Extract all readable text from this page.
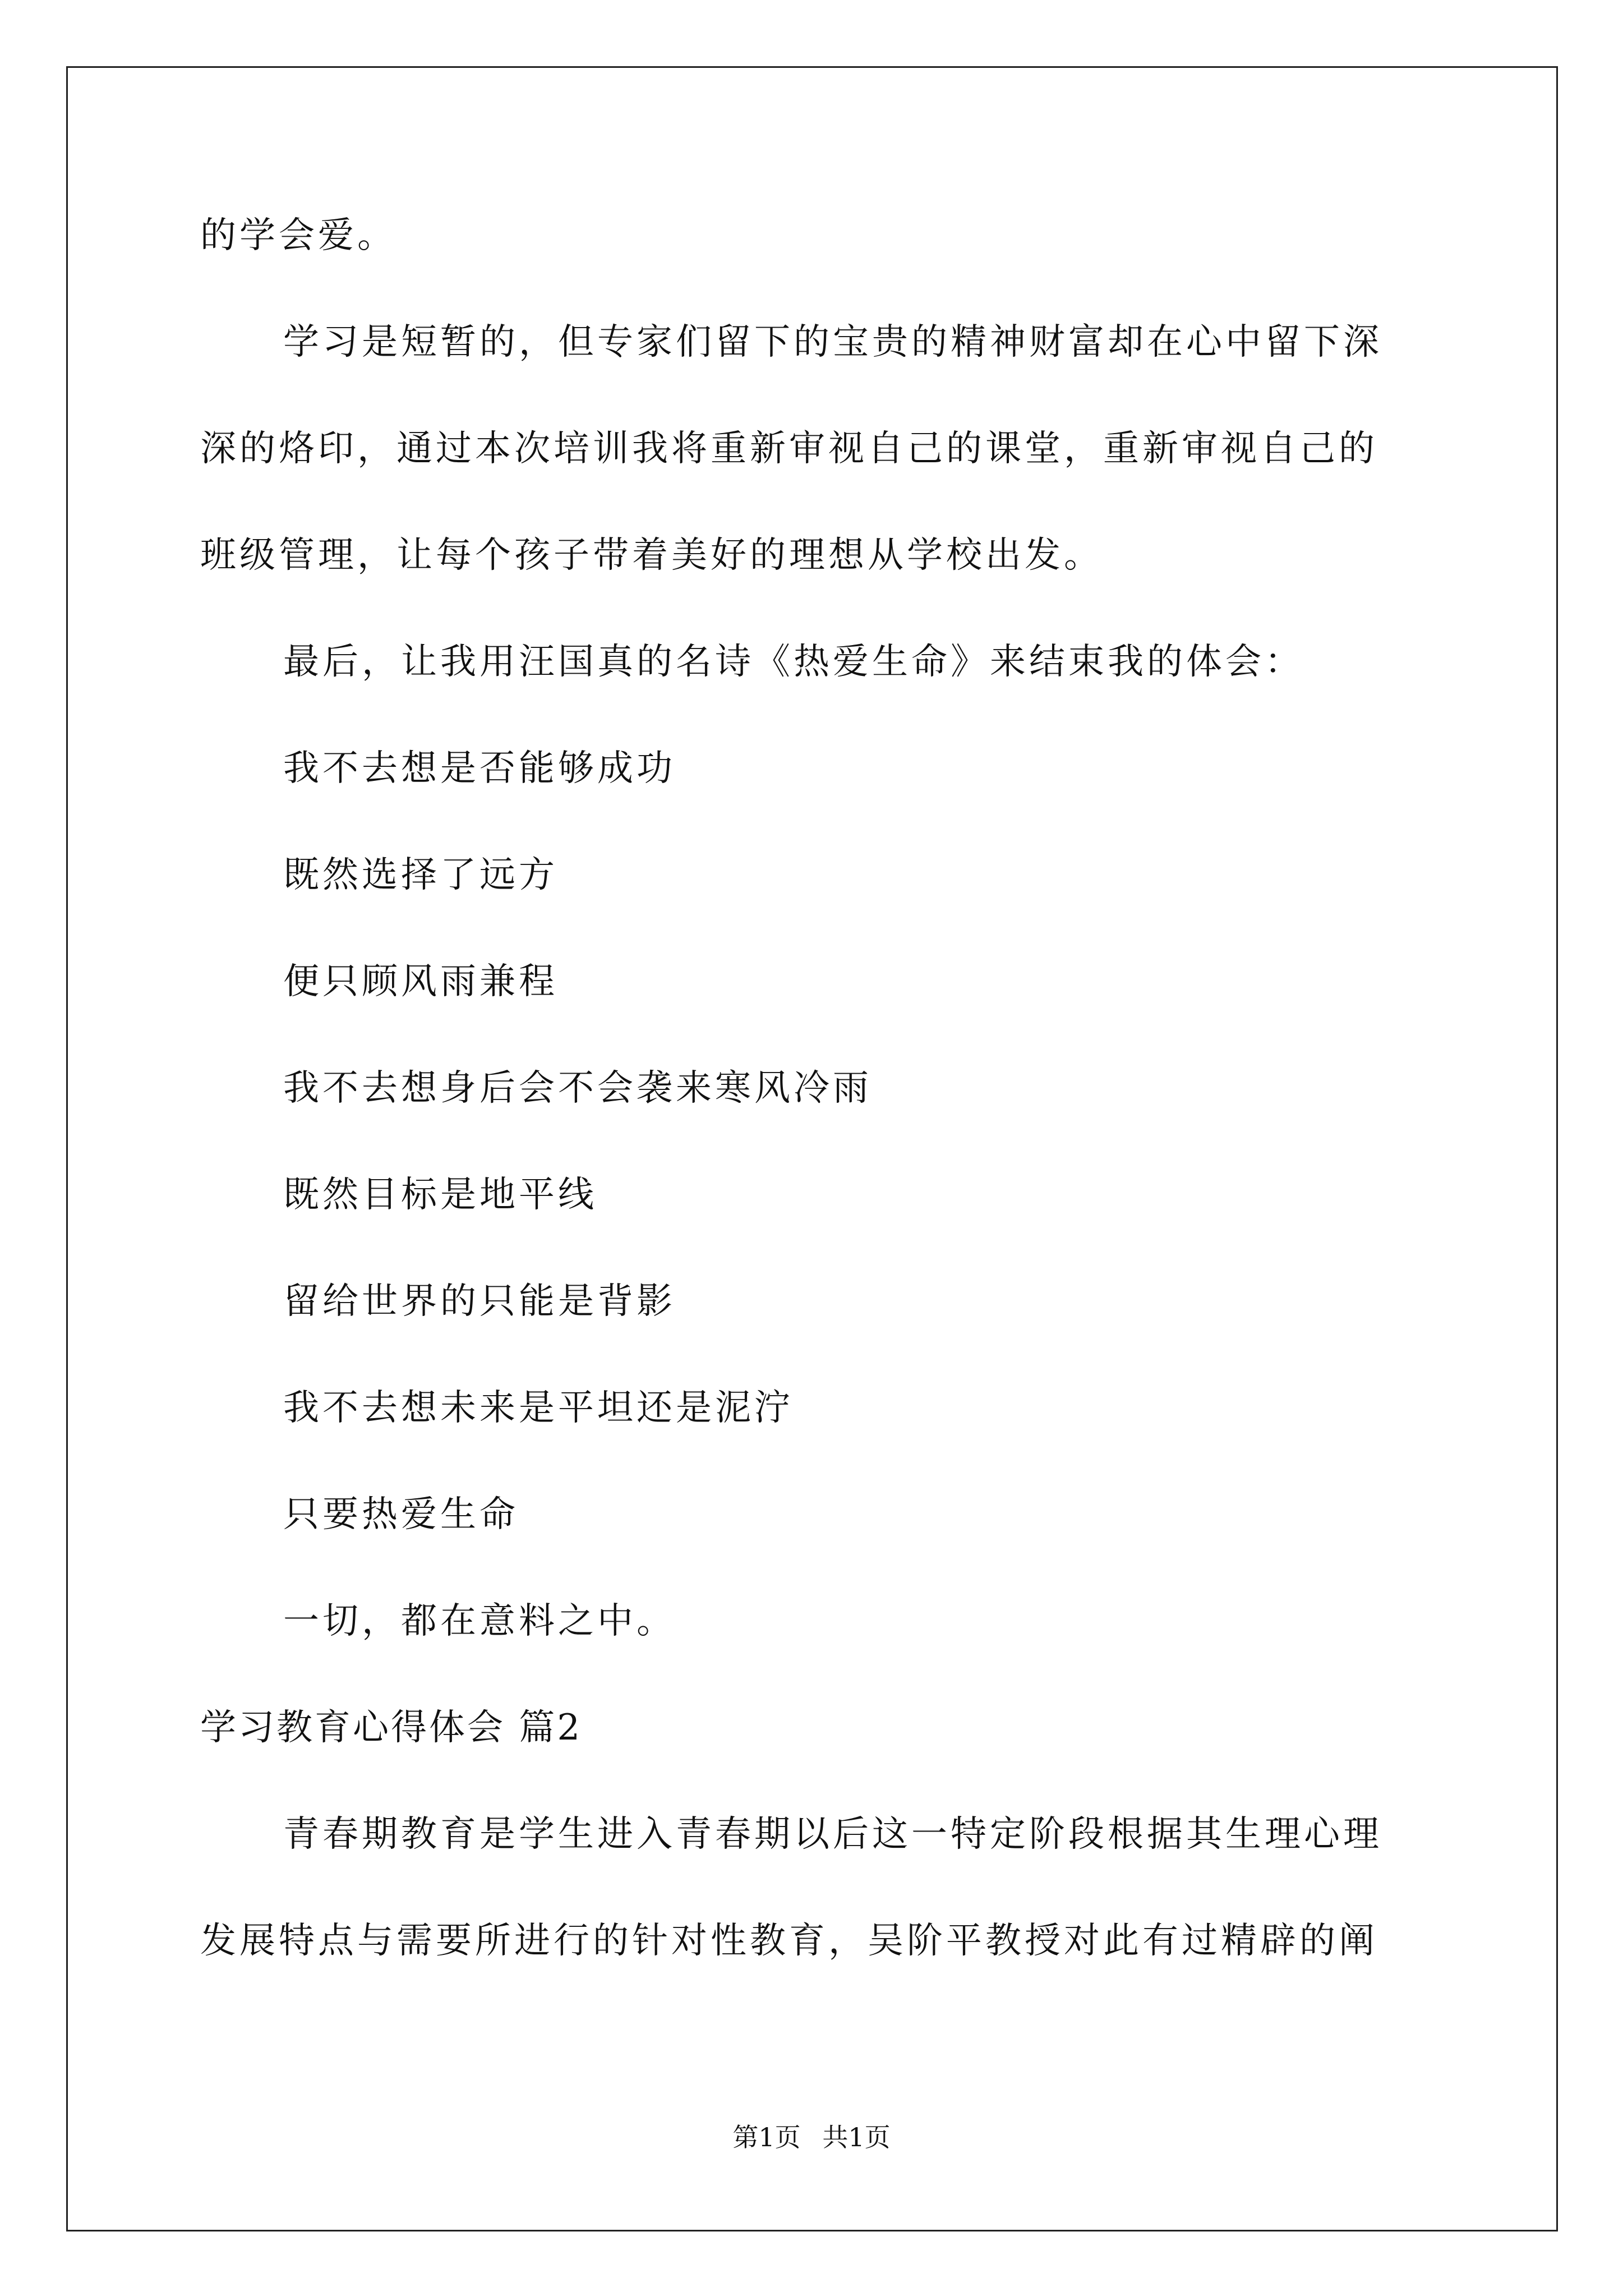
的学会爱。
学习是短暂的，但专家们留下的宝贵的精神财富却在心中留下深
深的烙印，通过本次培训我将重新审视自己的课堂，重新审视自己的
班级管理，让每个孩子带着美好的理想从学校出发。
最后，让我用汪国真的名诗《热爱生命》来结束我的体会：
我不去想是否能够成功
既然选择了远方
便只顾风雨兼程
我不去想身后会不会袭来寒风冷雨
既然目标是地平线
留给世界的只能是背影
我不去想未来是平坦还是泥泞
只要热爱生命
一切，都在意料之中。
学习教育心得体会 篇2
青春期教育是学生进入青春期以后这一特定阶段根据其生理心理
发展特点与需要所进行的针对性教育，吴阶平教授对此有过精辟的阐
第1页 共1页
